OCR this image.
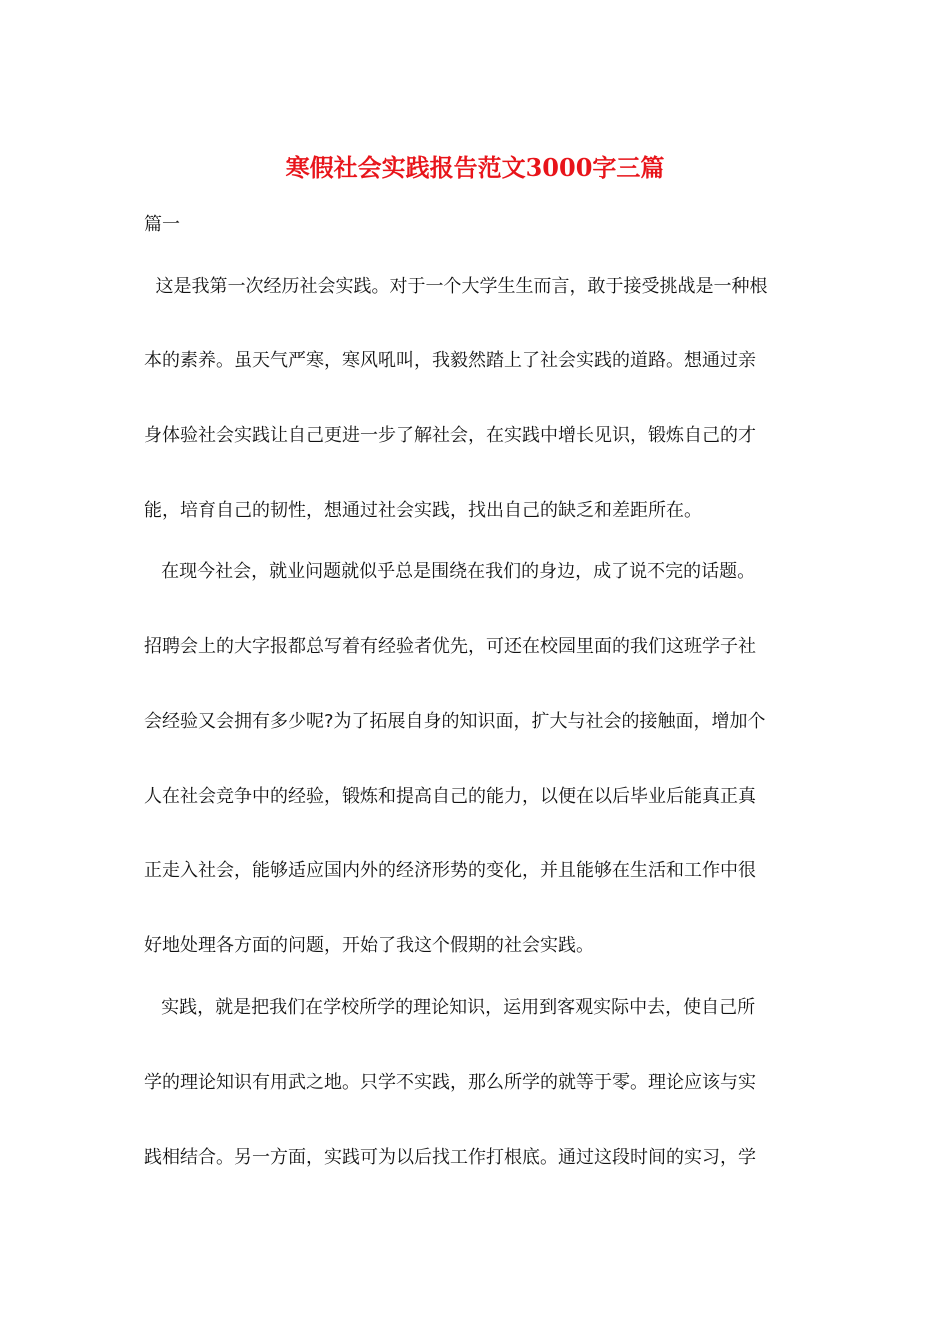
寒假社会实践报告范文3000字三篇
篇一
这是我第一次经历社会实践。对于一个大学生生而言，敢于接受挑战是一种根
本的素养。虽天气严寒，寒风吼叫，我毅然踏上了社会实践的道路。想通过亲
身体验社会实践让自己更进一步了解社会，在实践中增长见识，锻炼自己的才
能，培育自己的韧性，想通过社会实践，找出自己的缺乏和差距所在。
在现今社会，就业问题就似乎总是围绕在我们的身边，成了说不完的话题。
招聘会上的大字报都总写着有经验者优先，可还在校园里面的我们这班学子社
会经验又会拥有多少呢?为了拓展自身的知识面，扩大与社会的接触面，增加个
人在社会竞争中的经验，锻炼和提高自己的能力，以便在以后毕业后能真正真
正走入社会，能够适应国内外的经济形势的变化，并且能够在生活和工作中很
好地处理各方面的问题，开始了我这个假期的社会实践。
实践，就是把我们在学校所学的理论知识，运用到客观实际中去，使自己所
学的理论知识有用武之地。只学不实践，那么所学的就等于零。理论应该与实
践相结合。另一方面，实践可为以后找工作打根底。通过这段时间的实习，学
